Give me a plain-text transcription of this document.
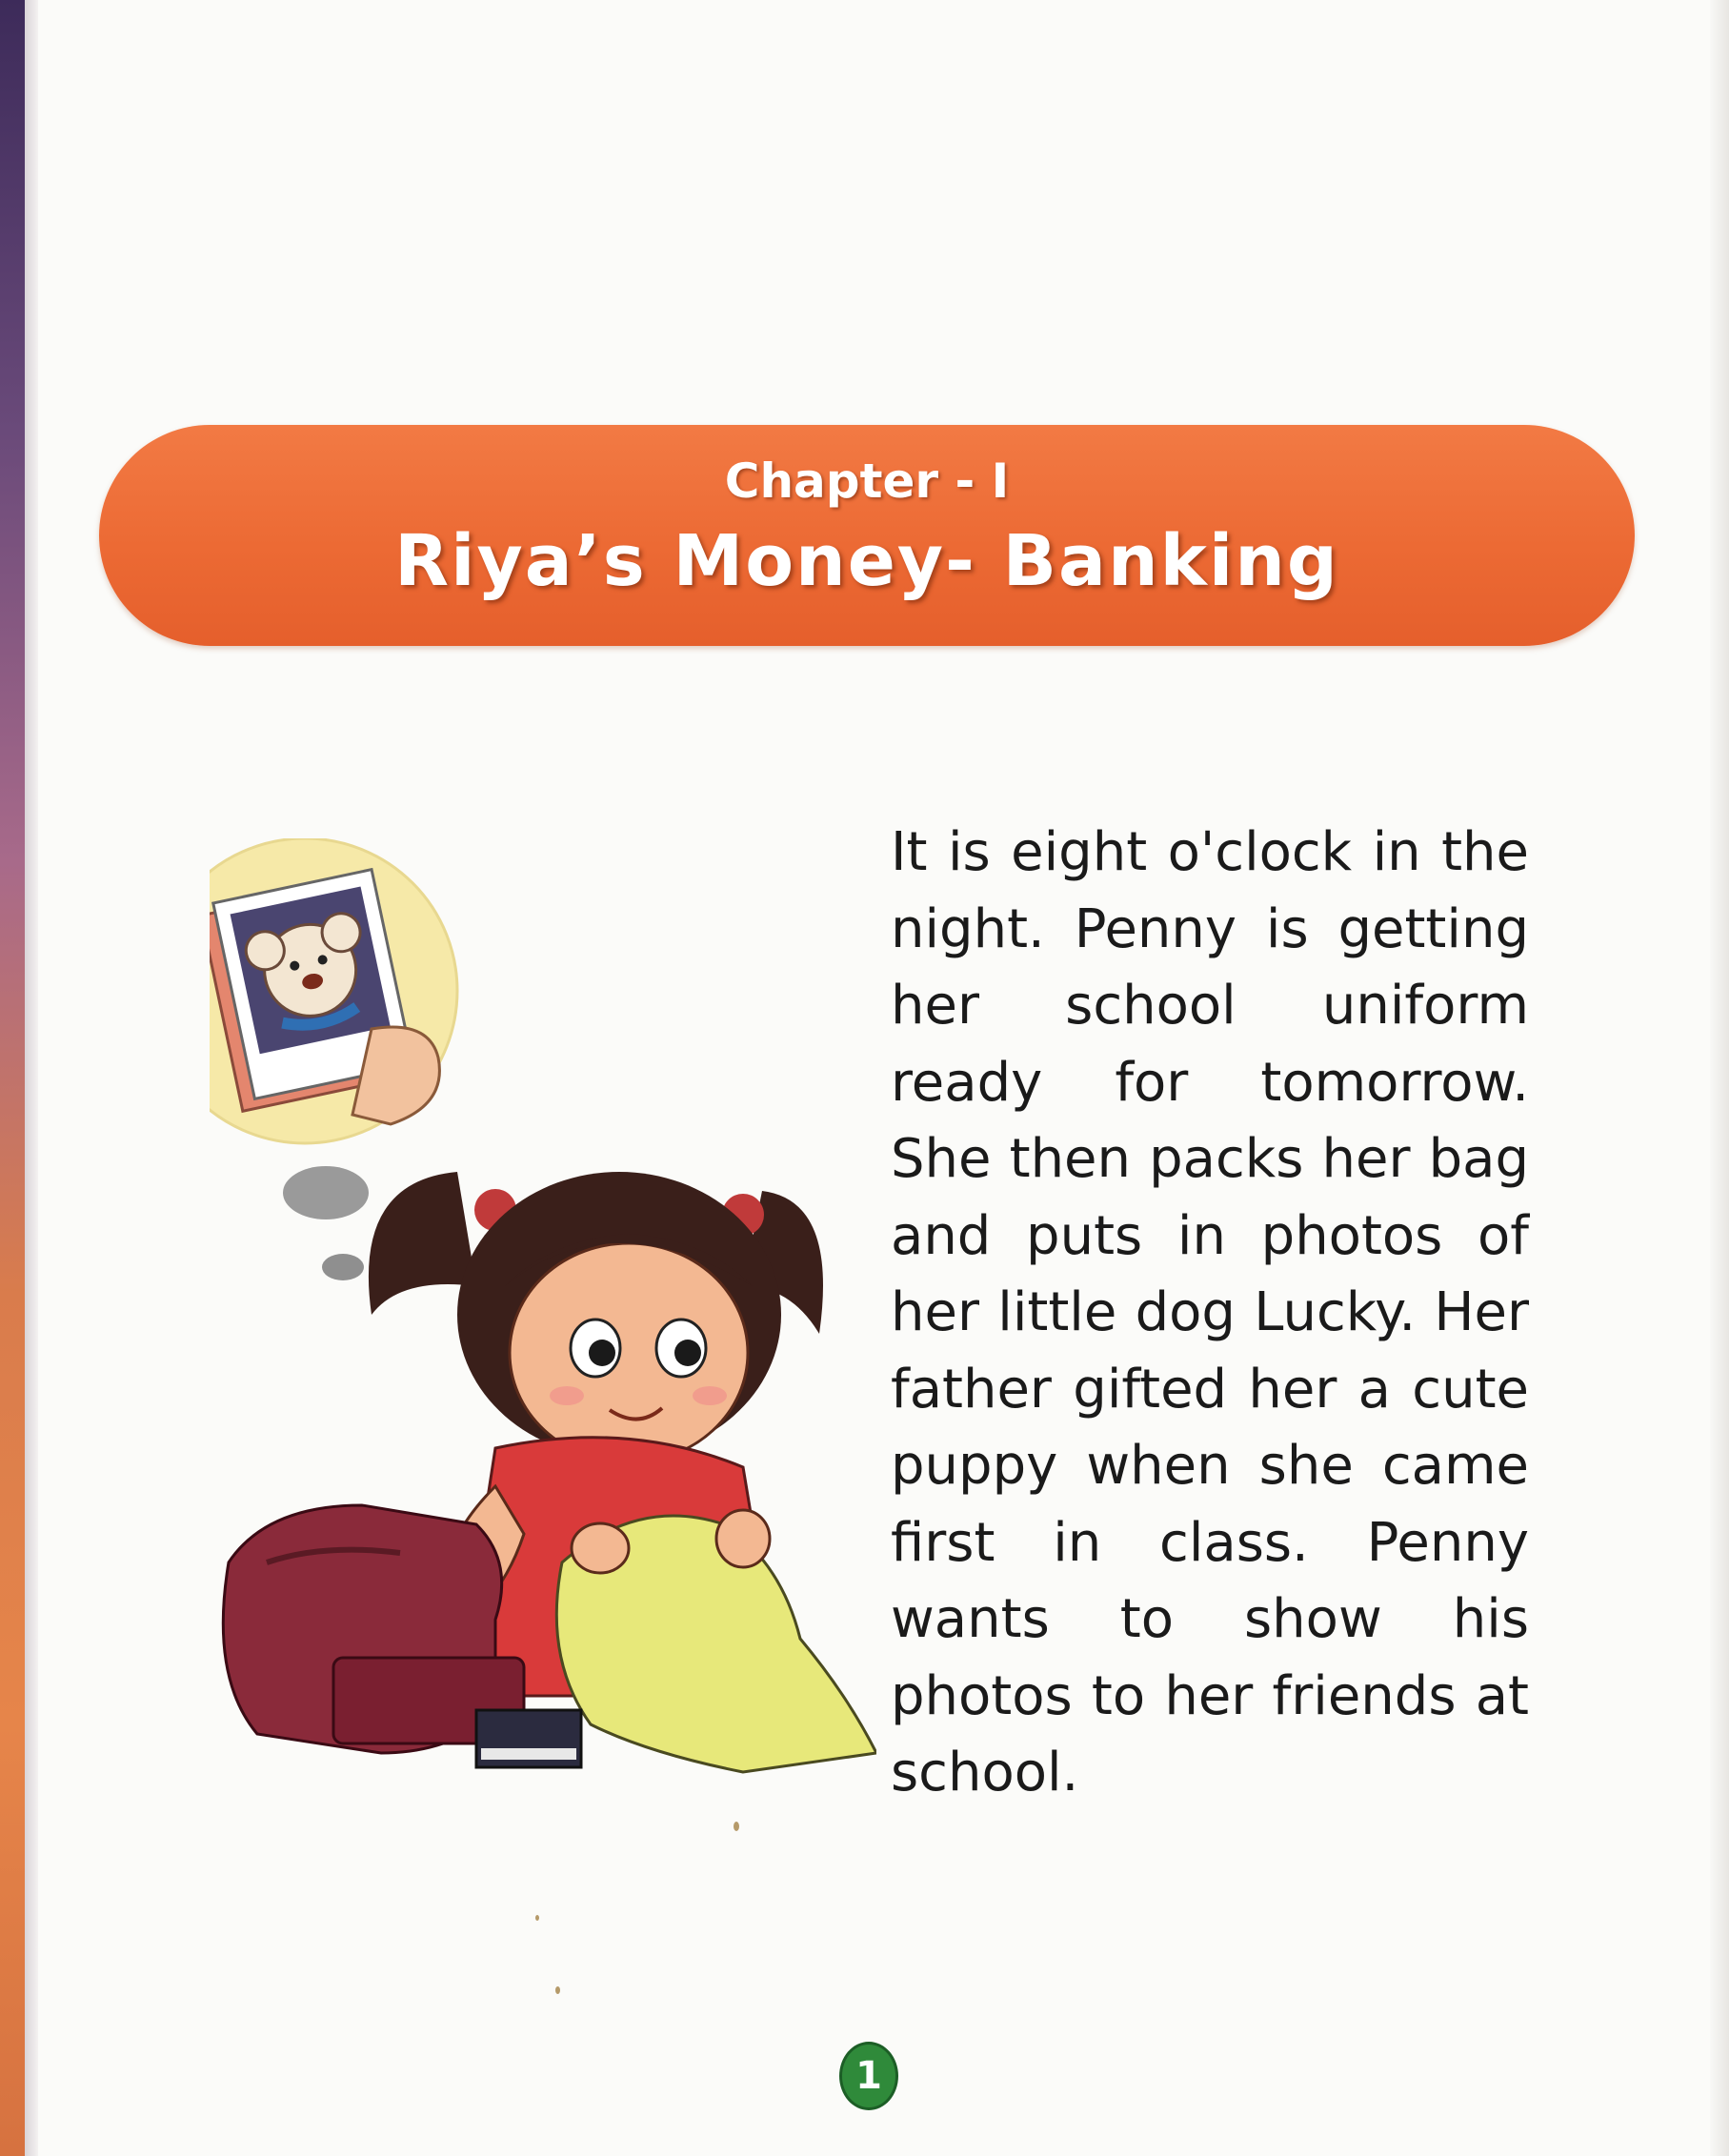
Chapter - I
Riya’s Money- Banking

It is eight o'clock in the night. Penny is getting her school uniform ready for tomorrow. She then packs her bag and puts in photos of her little dog Lucky. Her father gifted her a cute puppy when she came first in class. Penny wants to show his photos to her friends at school.

1
